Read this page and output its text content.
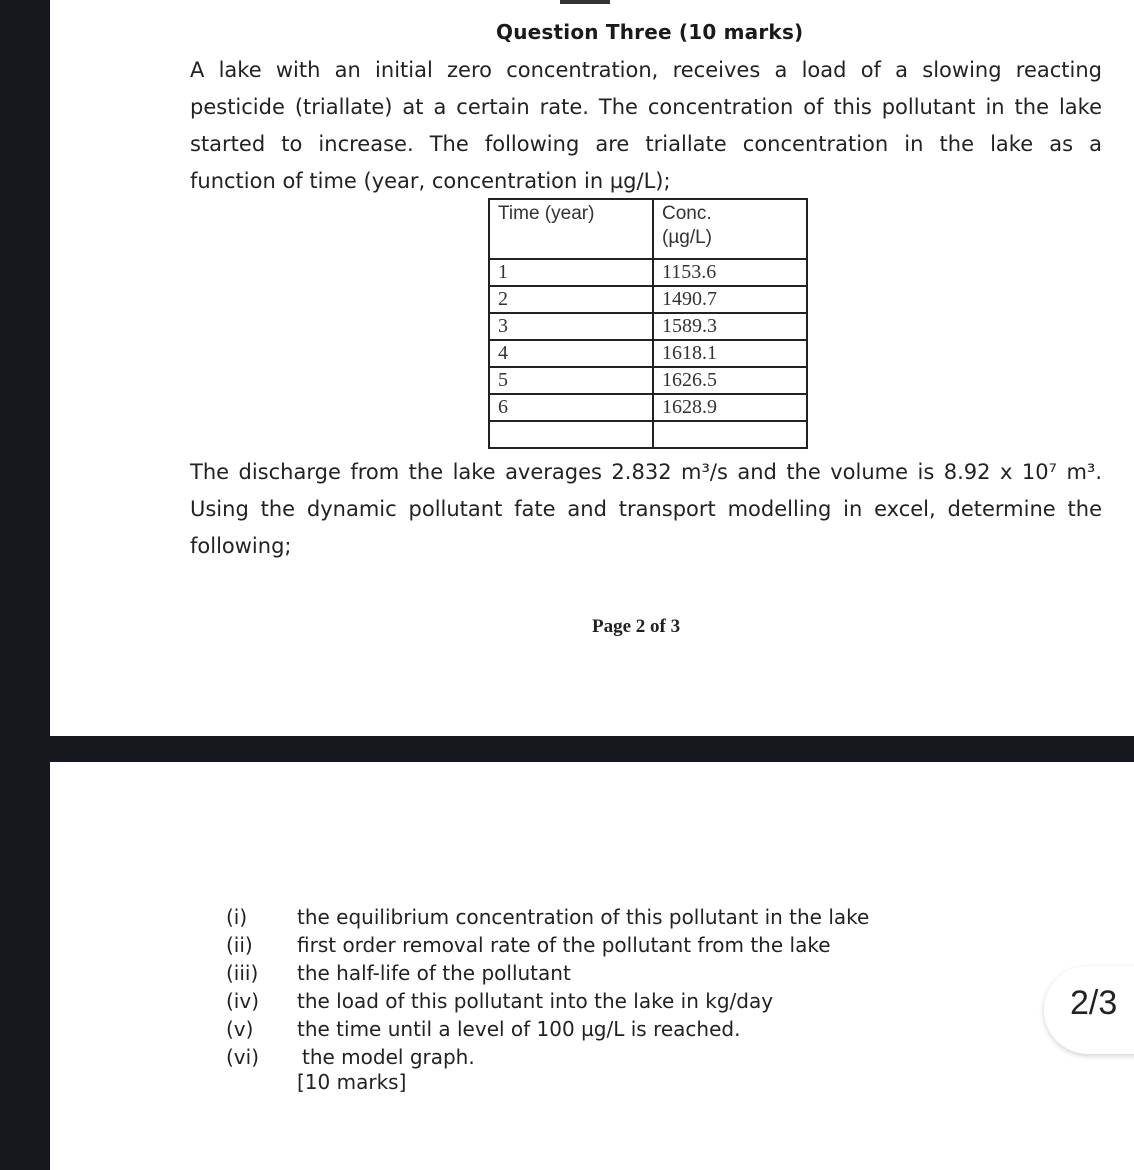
Question Three (10 marks)
A lake with an initial zero concentration, receives a load of a slowing reacting
pesticide (triallate) at a certain rate. The concentration of this pollutant in the lake
started to increase. The following are triallate concentration in the lake as a
function of time (year, concentration in µg/L);
Time (year)	Conc.
(µg/L)
1	1153.6
2	1490.7
3	1589.3
4	1618.1
5	1626.5
6	1628.9

The discharge from the lake averages 2.832 m³/s and the volume is 8.92 x 10⁷ m³.
Using the dynamic pollutant fate and transport modelling in excel, determine the
following;
Page 2 of 3
(i) the equilibrium concentration of this pollutant in the lake
(ii) first order removal rate of the pollutant from the lake
(iii) the half-life of the pollutant
(iv) the load of this pollutant into the lake in kg/day
(v) the time until a level of 100 µg/L is reached.
(vi) the model graph.
[10 marks]
2/3
